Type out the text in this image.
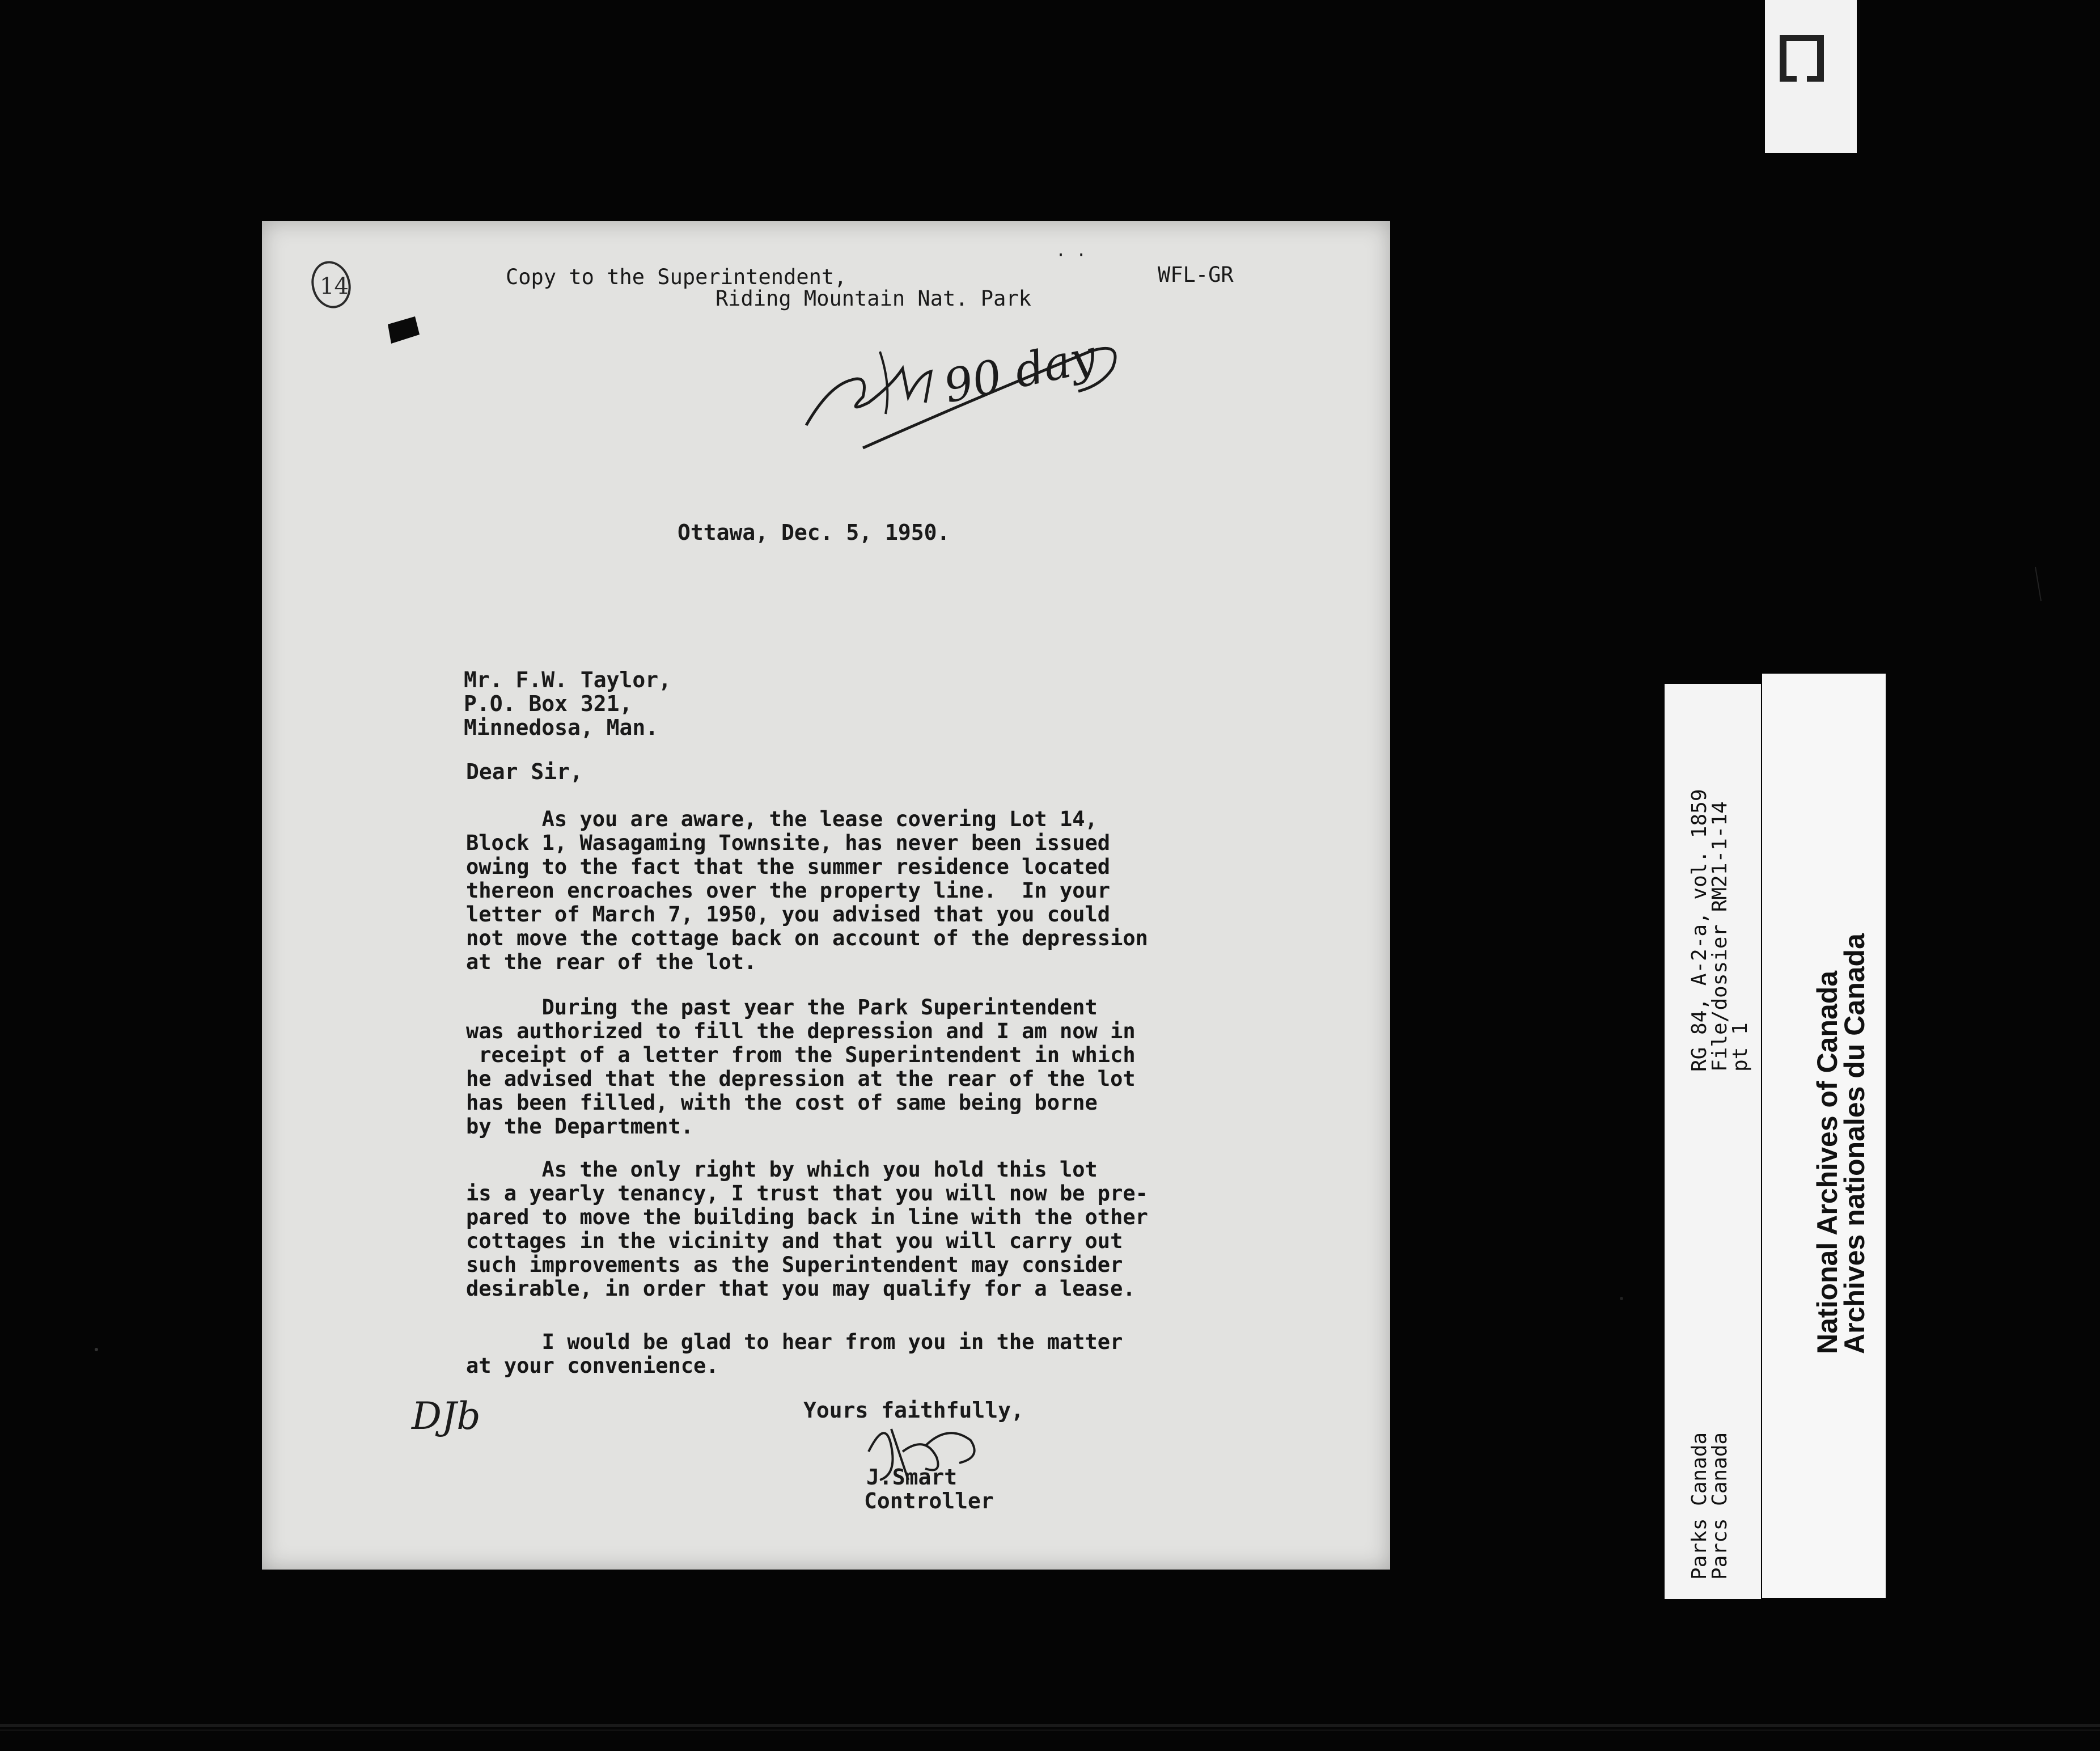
14	Copy to the Superintendent,
Riding Mountain Nat. Park
WFL-GR
· ·
90 day
Ottawa, Dec. 5, 1950.
Mr. F.W. Taylor,
P.O. Box 321,
Minnedosa, Man.
Dear Sir,
As you are aware, the lease covering Lot 14,
Block 1, Wasagaming Townsite, has never been issued
owing to the fact that the summer residence located
thereon encroaches over the property line.  In your
letter of March 7, 1950, you advised that you could
not move the cottage back on account of the depression
at the rear of the lot.
During the past year the Park Superintendent
was authorized to fill the depression and I am now in
receipt of a letter from the Superintendent in which
he advised that the depression at the rear of the lot
has been filled, with the cost of same being borne
by the Department.
As the only right by which you hold this lot
is a yearly tenancy, I trust that you will now be pre-
pared to move the building back in line with the other
cottages in the vicinity and that you will carry out
such improvements as the Superintendent may consider
desirable, in order that you may qualify for a lease.
I would be glad to hear from you in the matter
at your convenience.
Yours faithfully,
DJb
J.Smart
Controller
RG 84, A-2-a, vol. 1859
File/dossier RM21-1-14
pt 1
Parks Canada
Parcs Canada
National Archives of Canada
Archives nationales du Canada
